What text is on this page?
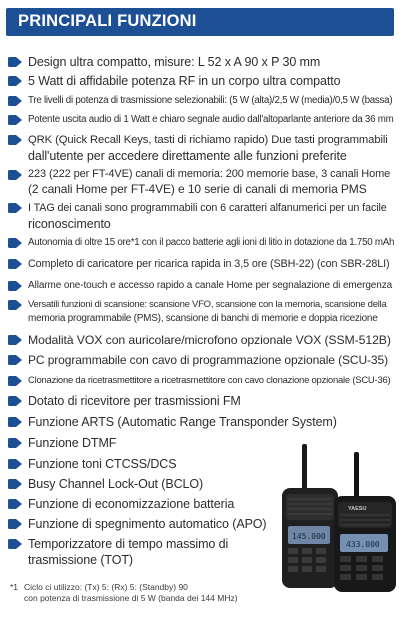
PRINCIPALI FUNZIONI
Design ultra compatto, misure: L 52 x A 90 x P 30 mm
5 Watt di affidabile potenza RF in un corpo ultra compatto
Tre livelli di potenza di trasmissione selezionabili: (5 W (alta)/2,5 W (media)/0,5 W (bassa)
Potente uscita audio di 1 Watt e chiaro segnale audio dall'altoparlante anteriore da 36 mm
QRK (Quick Recall Keys, tasti di richiamo rapido) Due tasti programmabili
dall'utente per accedere direttamente alle funzioni preferite
223 (222 per FT-4VE) canali di memoria: 200 memorie base, 3 canali Home
(2 canali Home per FT-4VE) e 10 serie di canali di memoria PMS
I TAG dei canali sono programmabili con 6 caratteri alfanumerici per un facile
riconoscimento
Autonomia di oltre 15 ore*1 con il pacco batterie agli ioni di litio in dotazione da 1.750 mAh
Completo di caricatore per ricarica rapida in 3,5 ore (SBH-22) (con SBR-28LI)
Allarme one-touch e accesso rapido a canale Home per segnalazione di emergenza
Versatili funzioni di scansione: scansione VFO, scansione con la memoria, scansione della
memoria programmabile (PMS), scansione di banchi di memorie e doppia ricezione
Modalità VOX con auricolare/microfono opzionale VOX (SSM-512B)
PC programmabile con cavo di programmazione opzionale (SCU-35)
Clonazione da ricetrasmettitore a ricetrasmettitore con cavo clonazione opzionale (SCU-36)
Dotato di ricevitore per trasmissioni FM
Funzione ARTS (Automatic Range Transponder System)
Funzione DTMF
Funzione toni CTCSS/DCS
Busy Channel Lock-Out (BCLO)
Funzione di economizzazione batteria
Funzione di spegnimento automatico (APO)
Temporizzatore di tempo massimo di
trasmissione (TOT)
145.000
YAESU
433.000
*1 Ciclo ci utilizzo: (Tx) 5: (Rx) 5: (Standby) 90
con potenza di trasmissione di 5 W (banda dei 144 MHz)
